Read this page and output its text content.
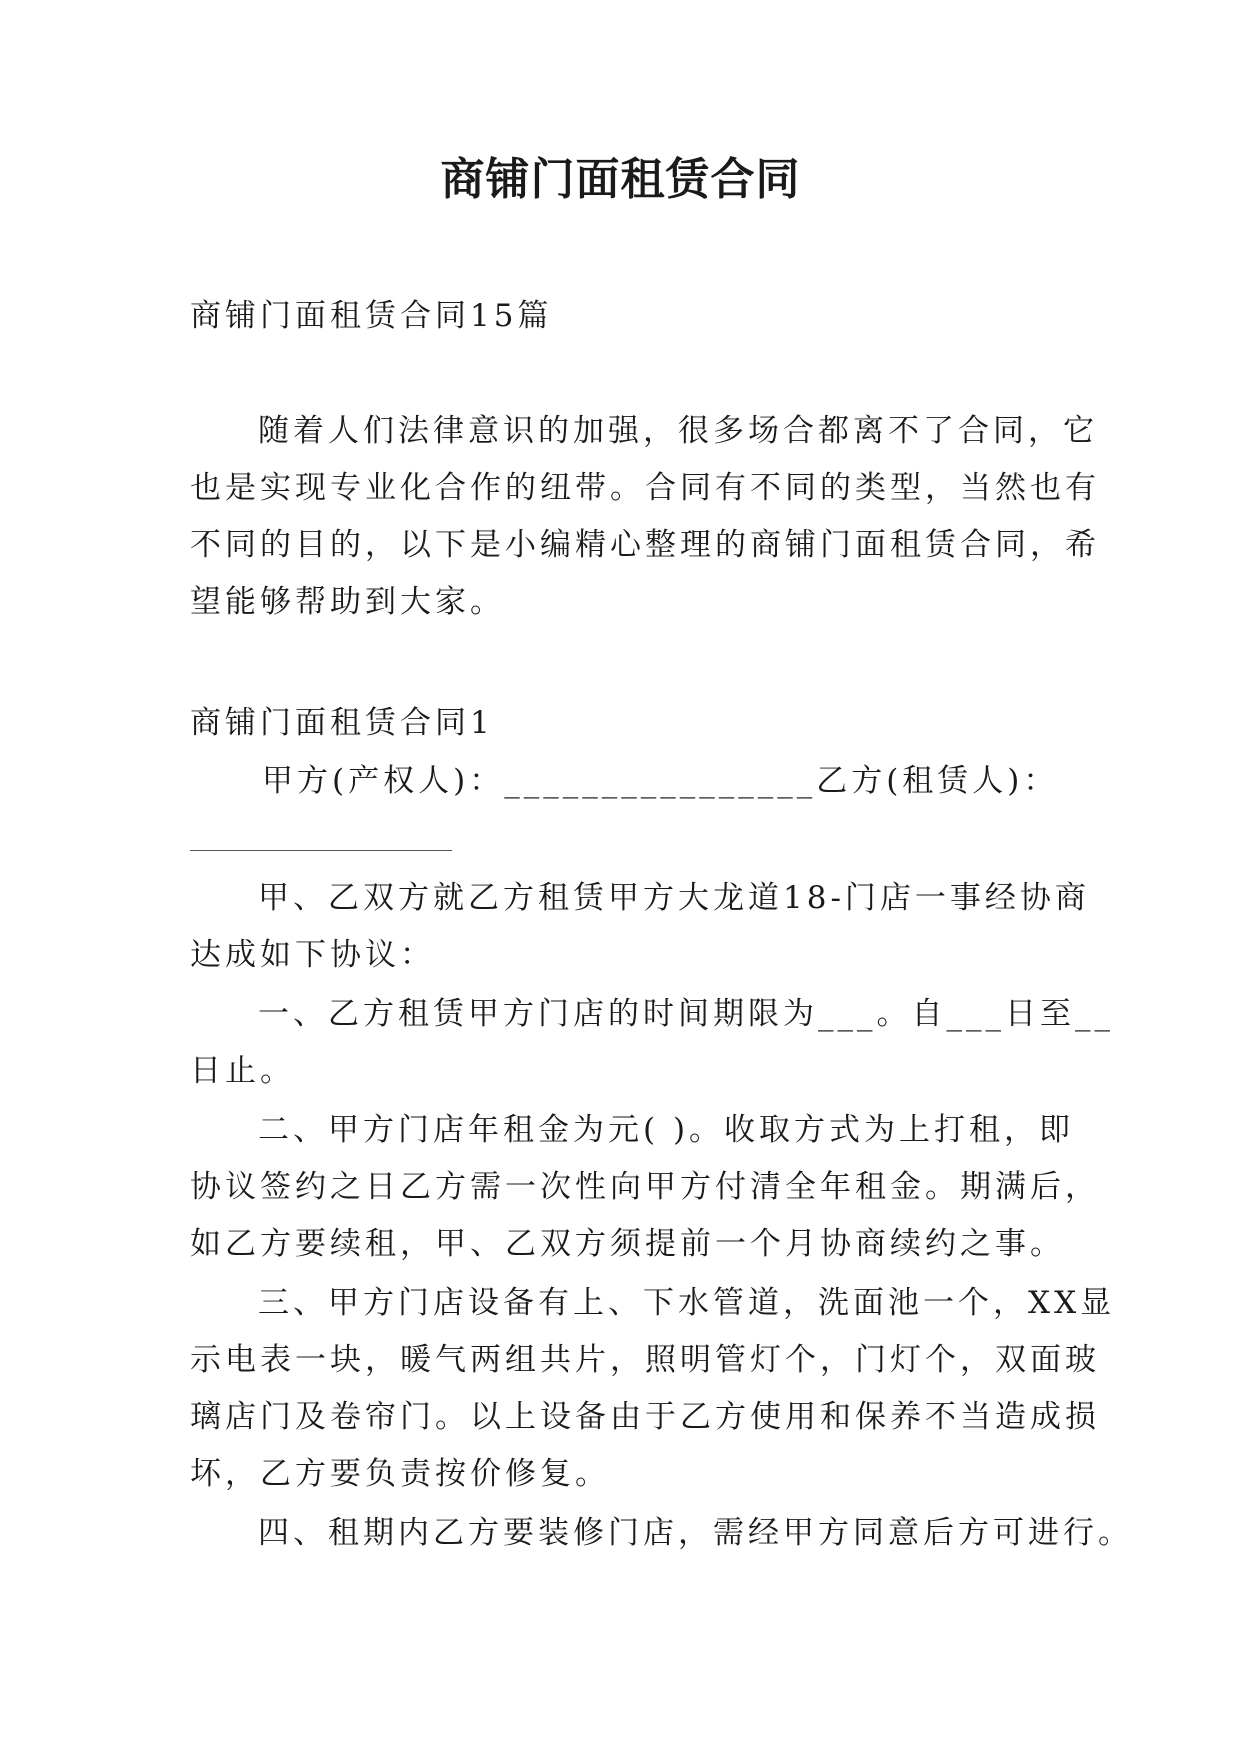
商铺门面租赁合同

商铺门面租赁合同15篇

随着人们法律意识的加强，很多场合都离不了合同，它

也是实现专业化合作的纽带。合同有不同的类型，当然也有

不同的目的，以下是小编精心整理的商铺门面租赁合同，希

望能够帮助到大家。

商铺门面租赁合同1

甲方(产权人)：________________乙方(租赁人)：

甲、乙双方就乙方租赁甲方大龙道18-门店一事经协商

达成如下协议：

一、乙方租赁甲方门店的时间期限为___。自___日至__

日止。

二、甲方门店年租金为元( )。收取方式为上打租，即

协议签约之日乙方需一次性向甲方付清全年租金。期满后，

如乙方要续租，甲、乙双方须提前一个月协商续约之事。

三、甲方门店设备有上、下水管道，洗面池一个，XX显

示电表一块，暖气两组共片，照明管灯个，门灯个，双面玻

璃店门及卷帘门。以上设备由于乙方使用和保养不当造成损

坏，乙方要负责按价修复。

四、租期内乙方要装修门店，需经甲方同意后方可进行。
